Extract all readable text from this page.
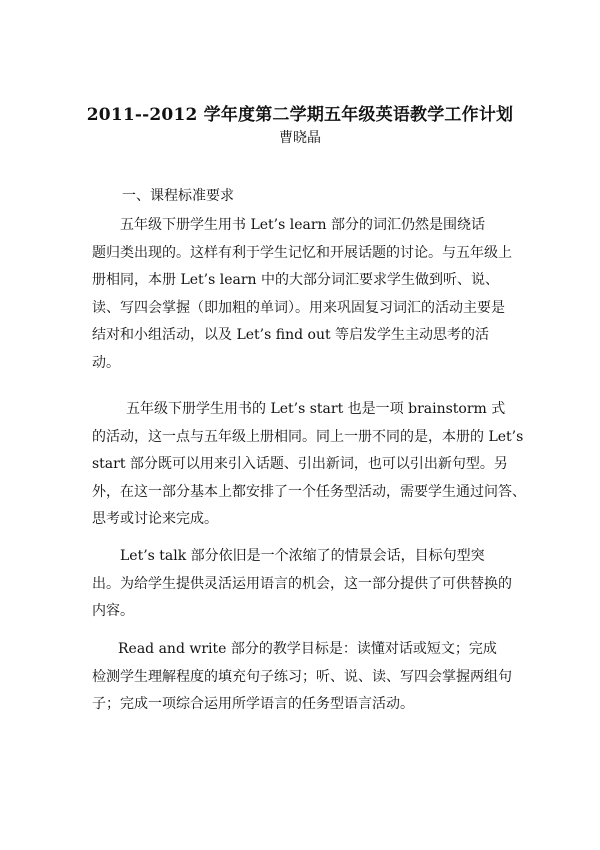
2011--2012 学年度第二学期五年级英语教学工作计划
曹晓晶
一、课程标准要求
五年级下册学生用书 Let’s learn 部分的词汇仍然是围绕话
题归类出现的。这样有利于学生记忆和开展话题的讨论。与五年级上
册相同，本册 Let’s learn 中的大部分词汇要求学生做到听、说、
读、写四会掌握（即加粗的单词）。用来巩固复习词汇的活动主要是
结对和小组活动，以及 Let’s find out 等启发学生主动思考的活
动。
五年级下册学生用书的 Let’s start 也是一项 brainstorm 式
的活动，这一点与五年级上册相同。同上一册不同的是，本册的 Let’s
start 部分既可以用来引入话题、引出新词，也可以引出新句型。另
外，在这一部分基本上都安排了一个任务型活动，需要学生通过问答、
思考或讨论来完成。
Let’s talk 部分依旧是一个浓缩了的情景会话，目标句型突
出。为给学生提供灵活运用语言的机会，这一部分提供了可供替换的
内容。
Read and write 部分的教学目标是：读懂对话或短文；完成
检测学生理解程度的填充句子练习；听、说、读、写四会掌握两组句
子；完成一项综合运用所学语言的任务型语言活动。
